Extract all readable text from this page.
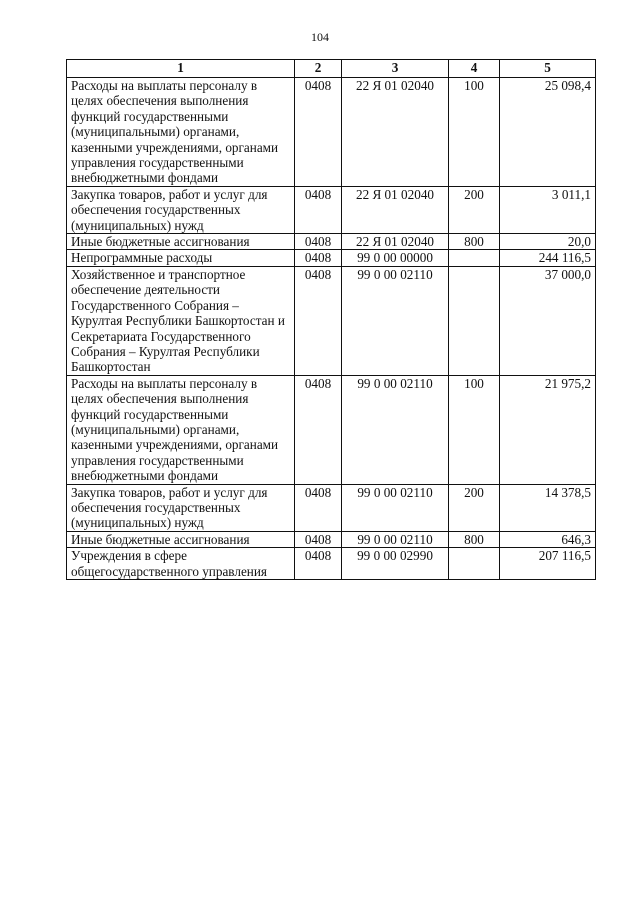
104
1	2	3	4	5
Расходы на выплаты персоналу в целях обеспечения выполнения функций государственными (муниципальными) органами, казенными учреждениями, органами управления государственными внебюджетными фондами	0408	22 Я 01 02040	100	25 098,4
Закупка товаров, работ и услуг для обеспечения государственных (муниципальных) нужд	0408	22 Я 01 02040	200	3 011,1
Иные бюджетные ассигнования	0408	22 Я 01 02040	800	20,0
Непрограммные расходы	0408	99 0 00 00000		244 116,5
Хозяйственное и транспортное обеспечение деятельности Государственного Собрания – Курултая Республики Башкортостан и Секретариата Государственного Собрания – Курултая Республики Башкортостан	0408	99 0 00 02110		37 000,0
Расходы на выплаты персоналу в целях обеспечения выполнения функций государственными (муниципальными) органами, казенными учреждениями, органами управления государственными внебюджетными фондами	0408	99 0 00 02110	100	21 975,2
Закупка товаров, работ и услуг для обеспечения государственных (муниципальных) нужд	0408	99 0 00 02110	200	14 378,5
Иные бюджетные ассигнования	0408	99 0 00 02110	800	646,3
Учреждения в сфере общегосударственного управления	0408	99 0 00 02990		207 116,5
